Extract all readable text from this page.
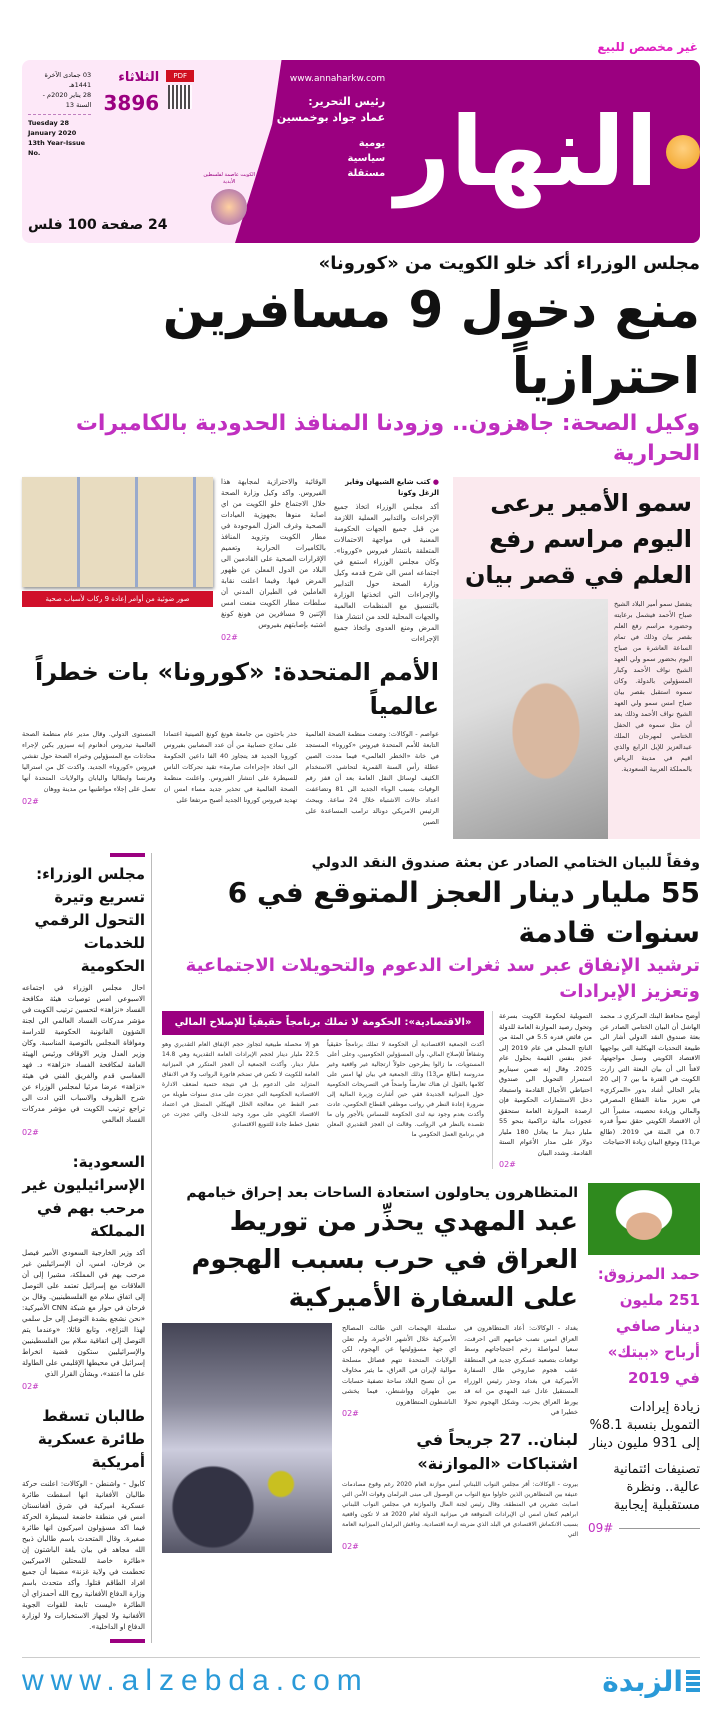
غير مخصص للبيع
النهار
www.annaharkw.com
رئيس التحرير:
عماد جواد بوخمسين
يومية
سياسية
مستقلة
الكويت عاصمة لفلسطين الأبدية
PDF
الثلاثاء
3896
03 جمادى الآخرة 1441هـ
28 يناير 2020م - السنة 13
Tuesday 28 January 2020
13th Year-Issue No.
24 صفحة 100 فلس
مجلس الوزراء أكد خلو الكويت من «كورونا»
منع دخول 9 مسافرين احترازياً
وكيل الصحة: جاهزون.. وزودنا المنافذ الحدودية بالكاميرات الحرارية
سمو الأمير يرعى اليوم مراسم رفع العلم في قصر بيان
يتفضل سمو أمير البلاد الشيخ صباح الأحمد فيشمل برعايته وحضوره مراسم رفع العلم بقصر بيان وذلك في تمام الساعة العاشرة من صباح اليوم بحضور سمو ولي العهد الشيخ نواف الأحمد وكبار المسؤولين بالدولة. وكان سموه استقبل بقصر بيان صباح امس سمو ولي العهد الشيخ نواف الأحمد وذلك بعد أن مثل سموه في الحفل الختامي لمهرجان الملك عبدالعزيز للإبل الرابع والذي اقيم في مدينة الرياض بالمملكة العربية السعودية.
● كتب شايع الشيهان وفايز الزغل وكونا
أكد مجلس الوزراء اتخاذ جميع الإجراءات والتدابير العملية اللازمة من قبل جميع الجهات الحكومية المعنية في مواجهة الاحتمالات المتعلقة بانتشار فيروس «كورونا». وكان مجلس الوزراء استمع في اجتماعه امس الى شرح قدمه وكيل وزارة الصحة حول التدابير والإجراءات التي اتخذتها الوزارة بالتنسيق مع المنظمات العالمية والجهات المحلية للحد من انتشار هذا المرض ومنع العدوى واتخاذ جميع الإجراءات
الوقائية والاحترازية لمجابهة هذا الفيروس. واكد وكيل وزارة الصحة خلال الاجتماع خلو الكويت من اي اصابة منوها بجهوزية العيادات الصحية وغرف العزل الموجودة في مطار الكويت وتزويد المنافذ بالكاميرات الحرارية وتعميم الإقرارات الصحية على القادمين الى البلاد من الدول المعلن عن ظهور المرض فيها. وفيما اعلنت نقابة العاملين في الطيران المدني أن سلطات مطار الكويت منعت امس الإثنين 9 مسافرين من هونغ كونغ اشتبه بإصابتهم بفيروس
02#
صور ضوئية من أوامر إعادة 9 ركاب لأسباب صحية
الأمم المتحدة: «كورونا» بات خطراً عالمياً
عواصم - الوكالات: وضعت منظمة الصحة العالمية التابعة للأمم المتحدة فيروس «كورونا» المستجد في خانة «الخطر العالمي» فيما مددت الصين عطلة رأس السنة القمرية لتحاشي الاستخدام الكثيف لوسائل النقل العامة بعد أن قفز رقم الوفيات بسبب الوباء الجديد الى 81 وتضاعفت اعداد حالات الاشتباه خلال 24 ساعة. ويبحث الرئيس الامريكي دونالد ترامب المساعدة على الصين
حذر باحثون من جامعة هونغ كونغ الصينية اعتمادا على نماذج حسابية من أن عدد المصابين بفيروس كورونا الجديد قد يتجاوز 40 الفا داعين الحكومة الى اتخاذ «إجراءات صارمة» تقيد تحركات الناس للسيطرة على انتشار الفيروس. واعلنت منظمة الصحة العالمية في تحذير جديد مساء امس ان تهديد فيروس كورونا الجديد أصبح مرتفعا على
المستوى الدولي. وقال مدير عام منظمة الصحة العالمية تيدروس أدهانوم إنه سيزور بكين لإجراء محادثات مع المسؤولين وخبراء الصحة حول تفشي فيروس «كورونا» الجديد. واكدت كل من استراليا وفرنسا وايطاليا واليابان والولايات المتحدة أنها تعمل على إجلاء مواطنيها من مدينة ووهان
02#
وفقاً للبيان الختامي الصادر عن بعثة صندوق النقد الدولي
55 مليار دينار العجز المتوقع في 6 سنوات قادمة
ترشيد الإنفاق عبر سد ثغرات الدعوم والتحويلات الاجتماعية وتعزيز الإيرادات
أوضح محافظ البنك المركزي د. محمد الهاشل أن البيان الختامي الصادر عن بعثة صندوق النقد الدولي أشار الى طبيعة التحديات الهيكلية التي يواجهها الاقتصاد الكويتي وسبل مواجهتها، لافتاً الى أن بيان البعثة التي زارت الكويت في الفترة ما بين 7 إلى 20 يناير الحالي أشاد بدور «المركزي» في تعزيز متانة القطاع المصرفي والمالي وزيادة تحصينه، مشيراً الى أن الاقتصاد الكويتي حقق نمواً قدره 0.7 في المئة في 2019. (طالع ص11) وتوقع البيان زيادة الاحتياجات
التمويلية لحكومة الكويت بسرعة وتحول رصيد الموازنة العامة للدولة من فائض قدره 5.5 في المئة من الناتج المحلي في عام 2019 إلى عجز بنفس القيمة بحلول عام 2025. وقال إنه ضمن سيناريو استمرار التحويل الى صندوق احتياطي الأجيال القادمة واستبعاد دخل الاستثمارات الحكومية فإن ارصدة الموازنة العامة ستحقق عجوزات مالية تراكمية بنحو 55 مليار دينار ما يعادل 180 مليار دولار على مدار الأعوام الستة القادمة. وشدد البيان
02#
«الاقتصادية»: الحكومة لا تملك برنامجاً حقيقياً للإصلاح المالي
أكدت الجمعية الاقتصادية أن الحكومة لا تملك برنامجاً حقيقياً وشفافاً للإصلاح المالي، وأن المسؤولين الحكوميين، وعلى أعلى المستويات، ما زالوا يطرحون حلولاً ارتجالية غير واقعية وغير مدروسة (طالع ص13) وذلك الجمعية في بيان لها امس على كلامها بالقول ان هناك تعارضاً واضحاً في التصريحات الحكومية حول الميزانية الجديدة ففي حين أشارت وزيرة المالية إلى ضرورة إعادة النظر في رواتب موظفي القطاع الحكومي، عادت وأكدت بعدم وجود نية لدى الحكومة للمساس بالأجور وان ما تقصده بالنظر في الرواتب. وقالت ان العجز التقديري المعلن في برنامج العمل الحكومي ما
هو إلا محصلة طبيعية لتجاوز حجم الإنفاق العام التقديري وهو 22.5 مليار دينار لحجم الإيرادات العامة التقديرية وهي 14.8 مليار دينار. وأكدت الجمعية أن العجز المتكرر في الميزانية العامة للكويت لا تكمن في تضخم فاتورة الرواتب ولا في الانفاق المتزايد على الدعوم بل في نتيجة حتمية لضعف الادارة الاقتصادية الحكومية التي عجزت على مدى سنوات طويلة من عمر النفط عن معالجة الخلل الهيكلي المتمثل في اعتماد الاقتصاد الكويتي على مورد وحيد للدخل، والتي عجزت عن تفعيل خطط جادة للتنويع الاقتصادي
حمد المرزوق: 251 مليون دينار صافي أرباح «بيتك» في 2019
زيادة إيرادات التمويل بنسبة 8.1% إلى 931 مليون دينار
تصنيفات ائتمانية عالية.. ونظرة مستقبلية إيجابية
09#
المتظاهرون يحاولون استعادة الساحات بعد إحراق خيامهم
عبد المهدي يحذِّر من توريط العراق في حرب بسبب الهجوم على السفارة الأميركية
بغداد - الوكالات: أعاد المتظاهرون في العراق امس نصب خيامهم التي احرقت، سعيا لمواصلة زخم احتجاجاتهم وسط توقعات بتصعيد عسكري جديد في المنطقة عقب هجوم صاروخي طال السفارة الأميركية في بغداد وحذر رئيس الوزراء المستقيل عادل عبد المهدي من انه قد يورط العراق بحرب. وشكل الهجوم تحولا خطيرا في
سلسلة الهجمات التي طالت المصالح الأميركية خلال الأشهر الأخيرة، ولم تعلن اي جهة مسؤوليتها عن الهجوم، لكن الولايات المتحدة تتهم فصائل مسلحة موالية لإيران في العراق، ما يثير مخاوف من أن تصبح البلاد ساحة تصفية حسابات بين طهران وواشنطن، فيما يخشى الناشطون المتظاهرون
02#
لبنان.. 27 جريحاً في اشتباكات «الموازنة»
بيروت - الوكالات: أقر مجلس النواب اللبناني أمس موازنة العام 2020 رغم وقوع مصادمات عنيفة بين المتظاهرين الذين حاولوا منع النواب من الوصول الى مبنى البرلمان وقوات الأمن التي اصابت عشرين في المنطقة. وقال رئيس لجنة المال والموازنة في مجلس النواب اللبناني ابراهيم كنعان امس ان الإيرادات المتوقعة في ميزانية الدولة لعام 2020 قد لا تكون واقعية بسبب الانكماش الاقتصادي في البلد الذي ضربته ازمة اقتصادية. وناقش البرلمان الميزانية العامة التي
02#
مجلس الوزراء: تسريع وتيرة التحول الرقمي للخدمات الحكومية
احال مجلس الوزراء في اجتماعه الاسبوعي امس توصيات هيئة مكافحة الفساد «نزاهة» لتحسين ترتيب الكويت في مؤشر مدركات الفساد العالمي الى لجنة الشؤون القانونية الحكومية للدراسة وموافاة المجلس بالتوصية المناسبة. وكان وزير العدل وزير الاوقاف ورئيس الهيئة العامة لمكافحة الفساد «نزاهة» د. فهد العفاسي قدم والفريق الفني في هيئة «نزاهة» عرضا مرئيا لمجلس الوزراء عن شرح الظروف والاسباب التي ادت الى تراجع ترتيب الكويت في مؤشر مدركات الفساد العالمي
02#
السعودية: الإسرائيليون غير مرحب بهم في المملكة
أكد وزير الخارجية السعودي الأمير فيصل بن فرحان، امس، أن الإسرائيليين غير مرحب بهم في المملكة، مشيرا إلى أن العلاقات مع إسرائيل تعتمد على التوصل إلى اتفاق سلام مع الفلسطينيين. وقال بن فرحان في حوار مع شبكة CNN الأميركية: «نحن نشجع بشدة التوصل إلى حل سلمي لهذا النزاع»، وتابع قائلا: «وعندما يتم التوصل إلى اتفاقية سلام بين الفلسطينيين والإسرائيليين ستكون قضية انخراط إسرائيل في محيطها الإقليمي على الطاولة على ما أعتقد»، وبشأن القرار الذي
02#
طالبان تسقط طائرة عسكرية أمريكية
كابول - واشنطن - الوكالات: اعلنت حركة طالبان الأفغانية انها اسقطت طائرة عسكرية اميركية في شرق أفغانستان امس في منطقة خاضعة لسيطرة الحركة فيما اكد مسؤولون اميركيون انها طائرة صغيرة. وقال المتحدث باسم طالبان ذبيح الله مجاهد في بيان بلغة الباشتون إن «طائرة خاصة للمحتلين الاميركيين تحطمت في ولاية غزنة» مضيفا أن جميع افراد الطاقم قتلوا. وأكد متحدث باسم وزارة الدفاع الأفغانية روح الله أحمدزاي أن الطائرة «ليست تابعة للقوات الجوية الأفغانية ولا لجهاز الاستخبارات ولا لوزارة الدفاع او الداخلية».
الزبدة
www.alzebda.com
